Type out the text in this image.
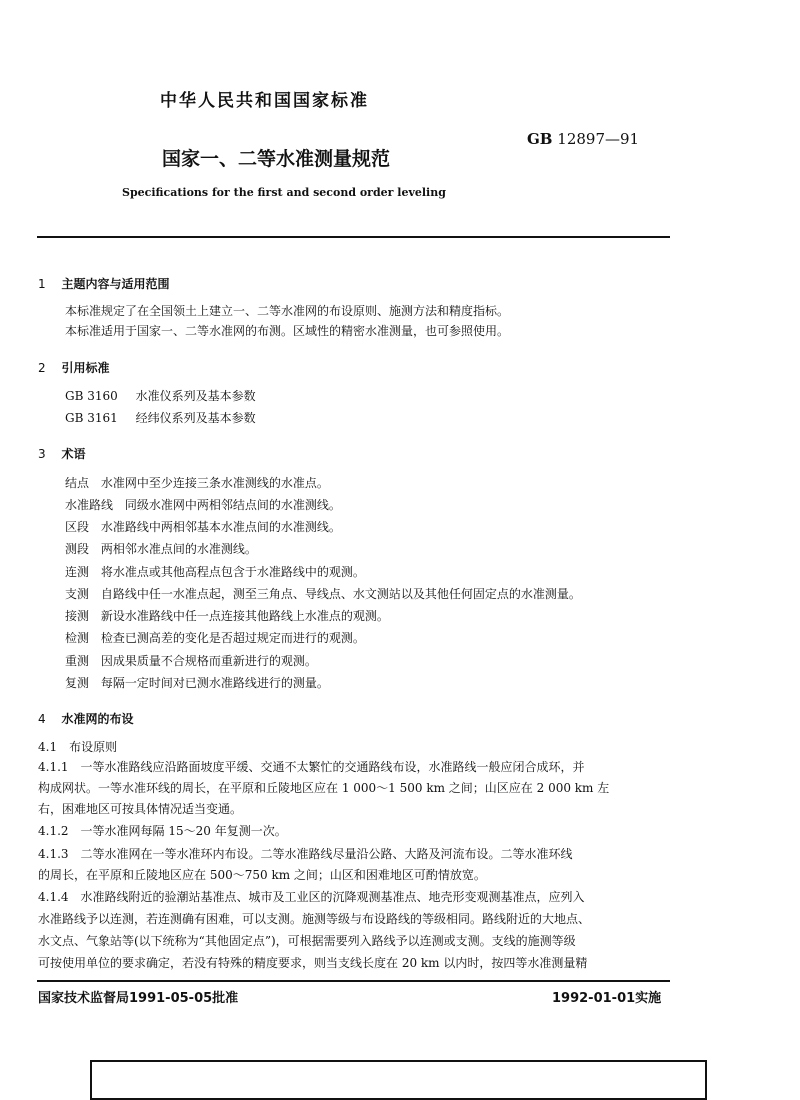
中华人民共和国国家标准
GB 12897—91
国家一、二等水准测量规范
Specifications for the first and second order leveling
1 主题内容与适用范围
本标准规定了在全国领土上建立一、二等水准网的布设原则、施测方法和精度指标。
本标准适用于国家一、二等水准网的布测。区域性的精密水准测量，也可参照使用。
2 引用标准
GB 3160 水准仪系列及基本参数
GB 3161 经纬仪系列及基本参数
3 术语
结点 水准网中至少连接三条水准测线的水准点。
水准路线 同级水准网中两相邻结点间的水准测线。
区段 水准路线中两相邻基本水准点间的水准测线。
测段 两相邻水准点间的水准测线。
连测 将水准点或其他高程点包含于水准路线中的观测。
支测 自路线中任一水准点起，测至三角点、导线点、水文测站以及其他任何固定点的水准测量。
接测 新设水准路线中任一点连接其他路线上水准点的观测。
检测 检查已测高差的变化是否超过规定而进行的观测。
重测 因成果质量不合规格而重新进行的观测。
复测 每隔一定时间对已测水准路线进行的测量。
4 水准网的布设
4.1　布设原则
4.1.1　一等水准路线应沿路面坡度平缓、交通不太繁忙的交通路线布设，水准路线一般应闭合成环，并
构成网状。一等水准环线的周长，在平原和丘陵地区应在 1 000～1 500 km 之间；山区应在 2 000 km 左
右，困难地区可按具体情况适当变通。
4.1.2　一等水准网每隔 15～20 年复测一次。
4.1.3　二等水准网在一等水准环内布设。二等水准路线尽量沿公路、大路及河流布设。二等水准环线
的周长，在平原和丘陵地区应在 500～750 km 之间；山区和困难地区可酌情放宽。
4.1.4　水准路线附近的验潮站基准点、城市及工业区的沉降观测基准点、地壳形变观测基准点，应列入
水准路线予以连测，若连测确有困难，可以支测。施测等级与布设路线的等级相同。路线附近的大地点、
水文点、气象站等(以下统称为“其他固定点”)，可根据需要列入路线予以连测或支测。支线的施测等级
可按使用单位的要求确定，若没有特殊的精度要求，则当支线长度在 20 km 以内时，按四等水准测量精
国家技术监督局1991-05-05批准	1992-01-01实施
